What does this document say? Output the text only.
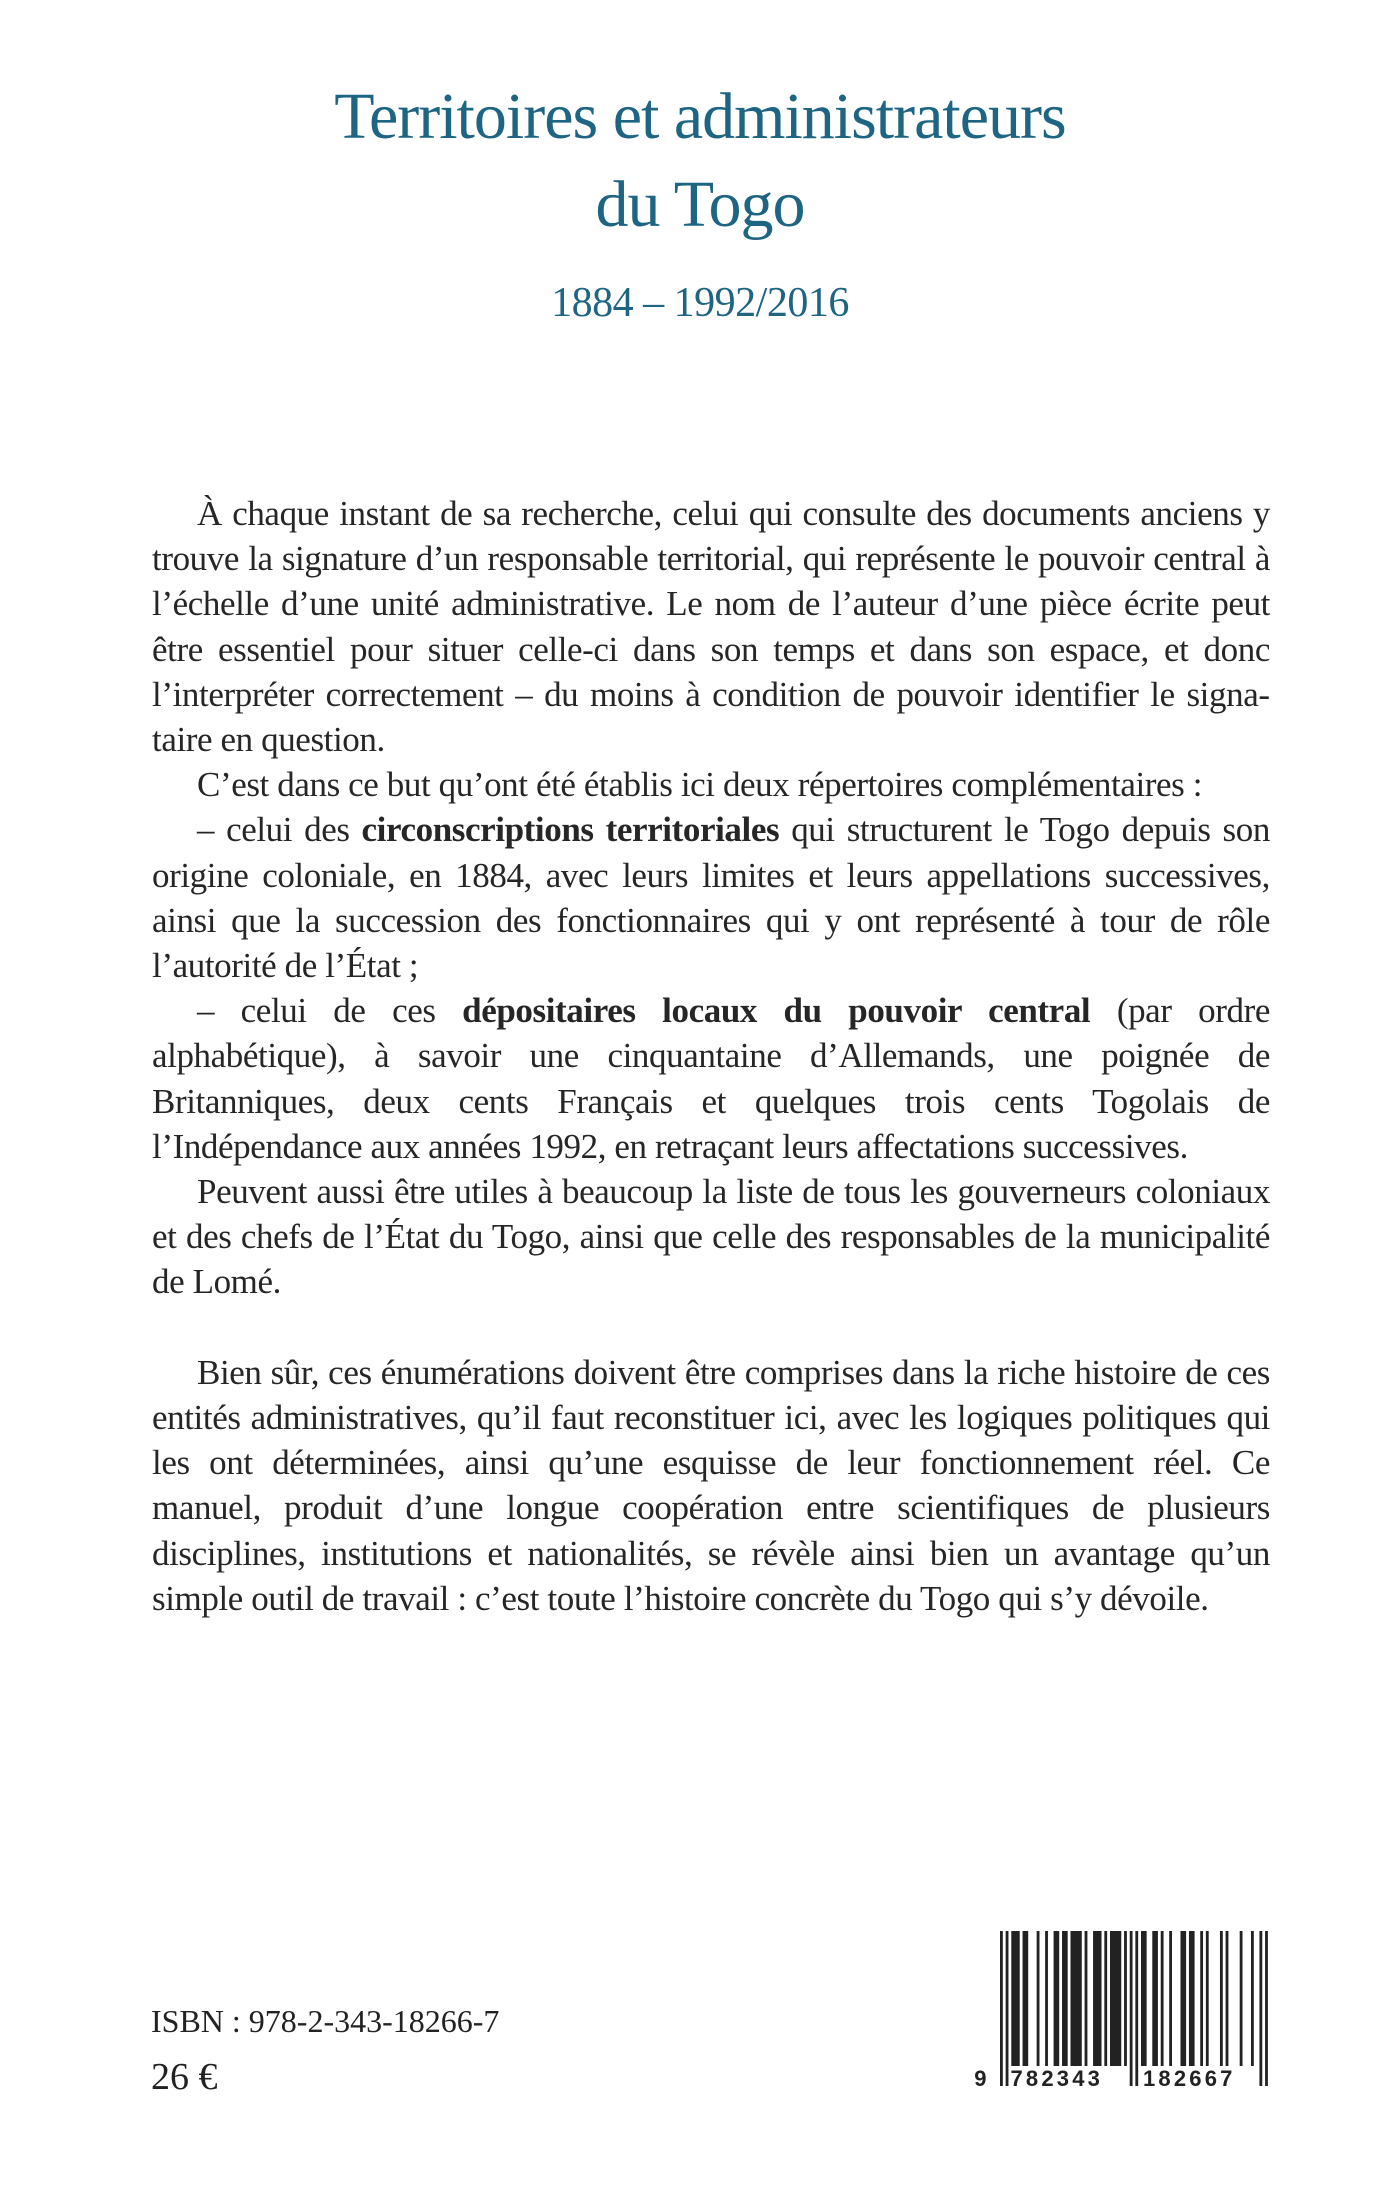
Territoires et administrateurs
du Togo
1884 – 1992/2016

À chaque instant de sa recherche, celui qui consulte des documents anciens y trouve la signature d’un responsable territorial, qui représente le pouvoir central à l’échelle d’une unité administrative. Le nom de l’auteur d’une pièce écrite peut être essentiel pour situer celle-ci dans son temps et dans son espace, et donc l’interpréter correctement – du moins à condition de pouvoir identifier le signataire en question.

C’est dans ce but qu’ont été établis ici deux répertoires complémentaires :

– celui des circonscriptions territoriales qui structurent le Togo depuis son origine coloniale, en 1884, avec leurs limites et leurs appellations successives, ainsi que la succession des fonctionnaires qui y ont représenté à tour de rôle l’autorité de l’État ;

– celui de ces dépositaires locaux du pouvoir central (par ordre alphabétique), à savoir une cinquantaine d’Allemands, une poignée de Britanniques, deux cents Français et quelques trois cents Togolais de l’Indépendance aux années 1992, en retraçant leurs affectations successives.

Peuvent aussi être utiles à beaucoup la liste de tous les gouverneurs coloniaux et des chefs de l’État du Togo, ainsi que celle des responsables de la municipalité de Lomé.

Bien sûr, ces énumérations doivent être comprises dans la riche histoire de ces entités administratives, qu’il faut reconstituer ici, avec les logiques politiques qui les ont déterminées, ainsi qu’une esquisse de leur fonctionnement réel. Ce manuel, produit d’une longue coopération entre scientifiques de plusieurs disciplines, institutions et nationalités, se révèle ainsi bien un avantage qu’un simple outil de travail : c’est toute l’histoire concrète du Togo qui s’y dévoile.

ISBN : 978-2-343-18266-7
26 €	9 782343 182667
